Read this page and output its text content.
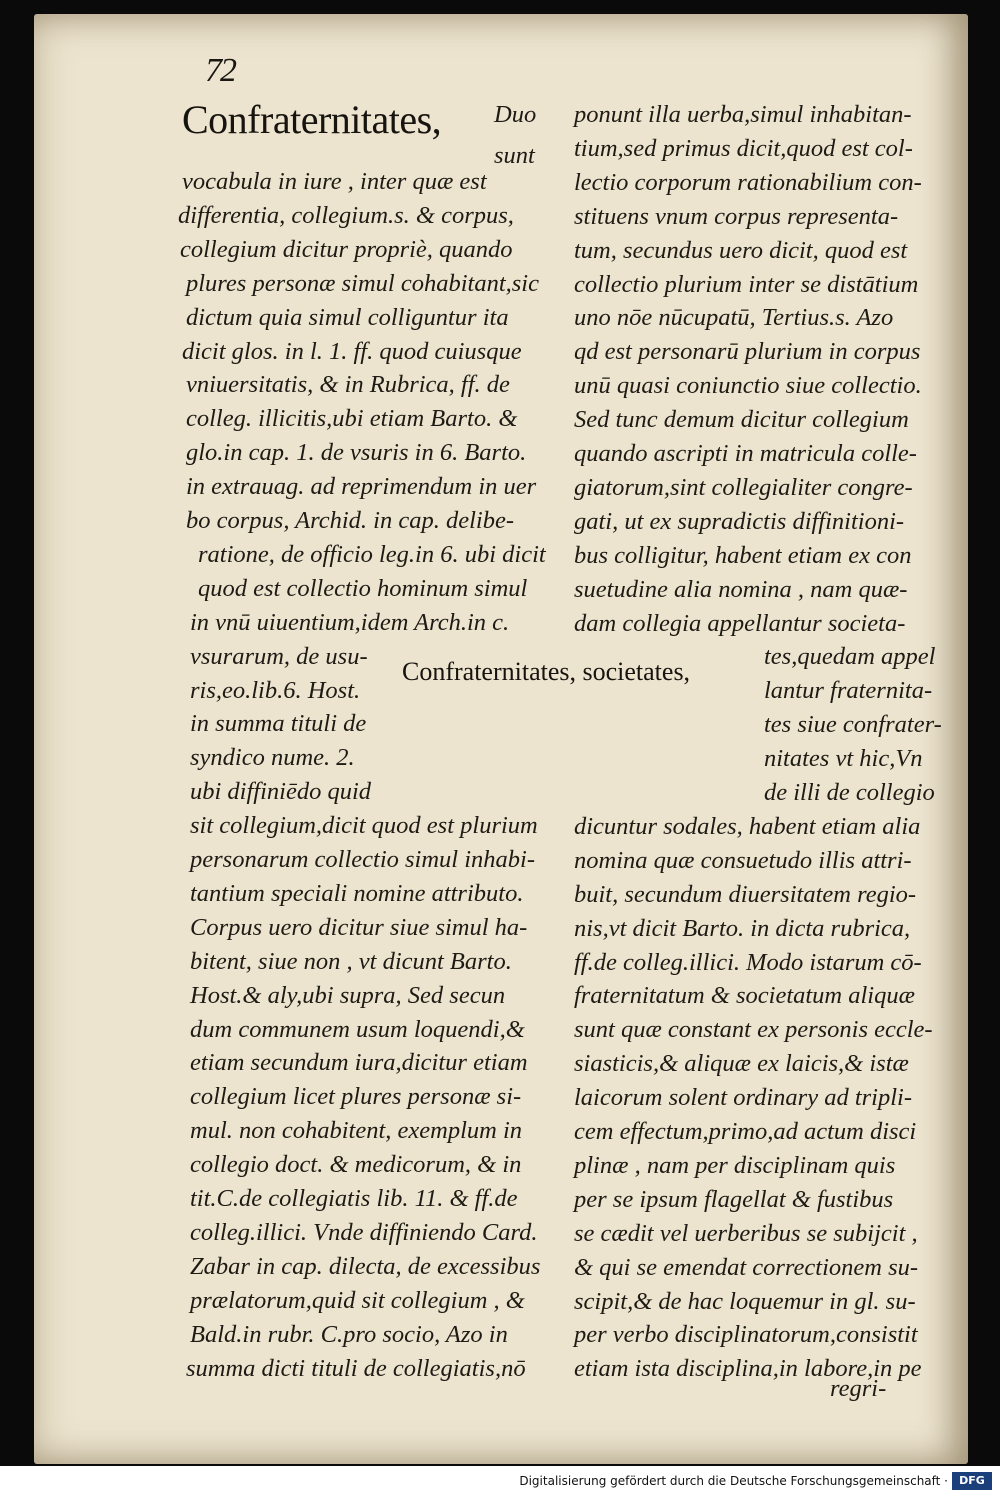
72
Confraternitates,
Confraternitates, societates,
Duo
sunt
vocabula in iure , inter quæ est
differentia, collegium.s. & corpus,
collegium dicitur propriè, quando
plures personæ simul cohabitant,sic
dictum quia simul colliguntur ita
dicit glos. in l. 1. ff. quod cuiusque
vniuersitatis, & in Rubrica, ff. de
colleg. illicitis,ubi etiam Barto. &
glo.in cap. 1. de vsuris in 6. Barto.
in extrauag. ad reprimendum in uer
bo corpus, Archid. in cap. delibe-
ratione, de officio leg.in 6. ubi dicit
quod est collectio hominum simul
in vnū uiuentium,idem Arch.in c.
vsurarum, de usu-
ris,eo.lib.6. Host.
in summa tituli de
syndico nume. 2.
ubi diffiniēdo quid
sit collegium,dicit quod est plurium
personarum collectio simul inhabi-
tantium speciali nomine attributo.
Corpus uero dicitur siue simul ha-
bitent, siue non , vt dicunt Barto.
Host.& aly,ubi supra, Sed secun
dum communem usum loquendi,&
etiam secundum iura,dicitur etiam
collegium licet plures personæ si-
mul. non cohabitent, exemplum in
collegio doct. & medicorum, & in
tit.C.de collegiatis lib. 11. & ff.de
colleg.illici. Vnde diffiniendo Card.
Zabar in cap. dilecta, de excessibus
prælatorum,quid sit collegium , &
Bald.in rubr. C.pro socio, Azo in
summa dicti tituli de collegiatis,nō
ponunt illa uerba,simul inhabitan-
tium,sed primus dicit,quod est col-
lectio corporum rationabilium con-
stituens vnum corpus representa-
tum, secundus uero dicit, quod est
collectio plurium inter se distātium
uno nōe nūcupatū, Tertius.s. Azo
qd est personarū plurium in corpus
unū quasi coniunctio siue collectio.
Sed tunc demum dicitur collegium
quando ascripti in matricula colle-
giatorum,sint collegialiter congre-
gati, ut ex supradictis diffinitioni-
bus colligitur, habent etiam ex con
suetudine alia nomina , nam quæ-
dam collegia appellantur societa-
tes,quedam appel
lantur fraternita-
tes siue confrater-
nitates vt hic,Vn
de illi de collegio
dicuntur sodales, habent etiam alia
nomina quæ consuetudo illis attri-
buit, secundum diuersitatem regio-
nis,vt dicit Barto. in dicta rubrica,
ff.de colleg.illici. Modo istarum cō-
fraternitatum & societatum aliquæ
sunt quæ constant ex personis eccle-
siasticis,& aliquæ ex laicis,& istæ
laicorum solent ordinary ad tripli-
cem effectum,primo,ad actum disci
plinæ , nam per disciplinam quis
per se ipsum flagellat & fustibus
se cædit vel uerberibus se subijcit ,
& qui se emendat correctionem su-
scipit,& de hac loquemur in gl. su-
per verbo disciplinatorum,consistit
etiam ista disciplina,in labore,in pe
regri-
Digitalisierung gefördert durch die Deutsche Forschungsgemeinschaft ·	DFG
